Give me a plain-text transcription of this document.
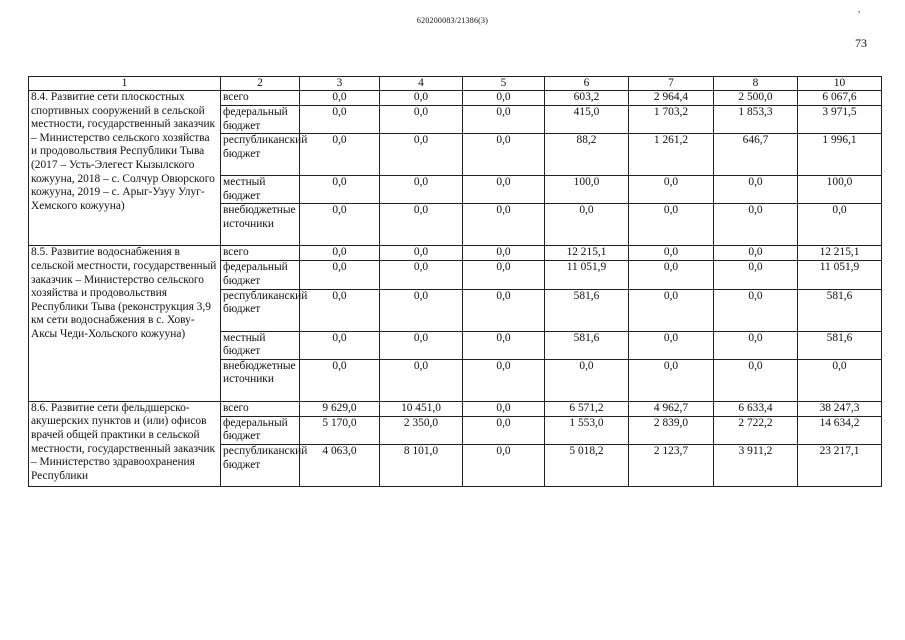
620200083/21386(3)
,
73
1	2	3	4	5	6	7	8	10
8.4. Развитие сети плоскостных спортивных сооружений в сельской местности, государственный заказчик – Министерство сельского хозяйства и продовольствия Республики Тыва (2017 – Усть-Элегест Кызылского кожууна, 2018 – с. Солчур Овюрского кожууна, 2019 – с. Арыг-Узуу Улуг-Хемского кожууна)	всего	0,0	0,0	0,0	603,2	2 964,4	2 500,0	6 067,6
	федеральный бюджет	0,0	0,0	0,0	415,0	1 703,2	1 853,3	3 971,5
	республиканский бюджет	0,0	0,0	0,0	88,2	1 261,2	646,7	1 996,1
	местный бюджет	0,0	0,0	0,0	100,0	0,0	0,0	100,0
	внебюджетные источники	0,0	0,0	0,0	0,0	0,0	0,0	0,0
8.5. Развитие водоснабжения в сельской местности, государственный заказчик – Министерство сельского хозяйства и продовольствия Республики Тыва (реконструкция 3,9 км сети водоснабжения в с. Хову-Аксы Чеди-Хольского кожууна)	всего	0,0	0,0	0,0	12 215,1	0,0	0,0	12 215,1
	федеральный бюджет	0,0	0,0	0,0	11 051,9	0,0	0,0	11 051,9
	республиканский бюджет	0,0	0,0	0,0	581,6	0,0	0,0	581,6
	местный бюджет	0,0	0,0	0,0	581,6	0,0	0,0	581,6
	внебюджетные источники	0,0	0,0	0,0	0,0	0,0	0,0	0,0
8.6. Развитие сети фельдшерско-акушерских пунктов и (или) офисов врачей общей практики в сельской местности, государственный заказчик – Министерство здравоохранения Республики	всего	9 629,0	10 451,0	0,0	6 571,2	4 962,7	6 633,4	38 247,3
	федеральный бюджет	5 170,0	2 350,0	0,0	1 553,0	2 839,0	2 722,2	14 634,2
	республиканский бюджет	4 063,0	8 101,0	0,0	5 018,2	2 123,7	3 911,2	23 217,1
